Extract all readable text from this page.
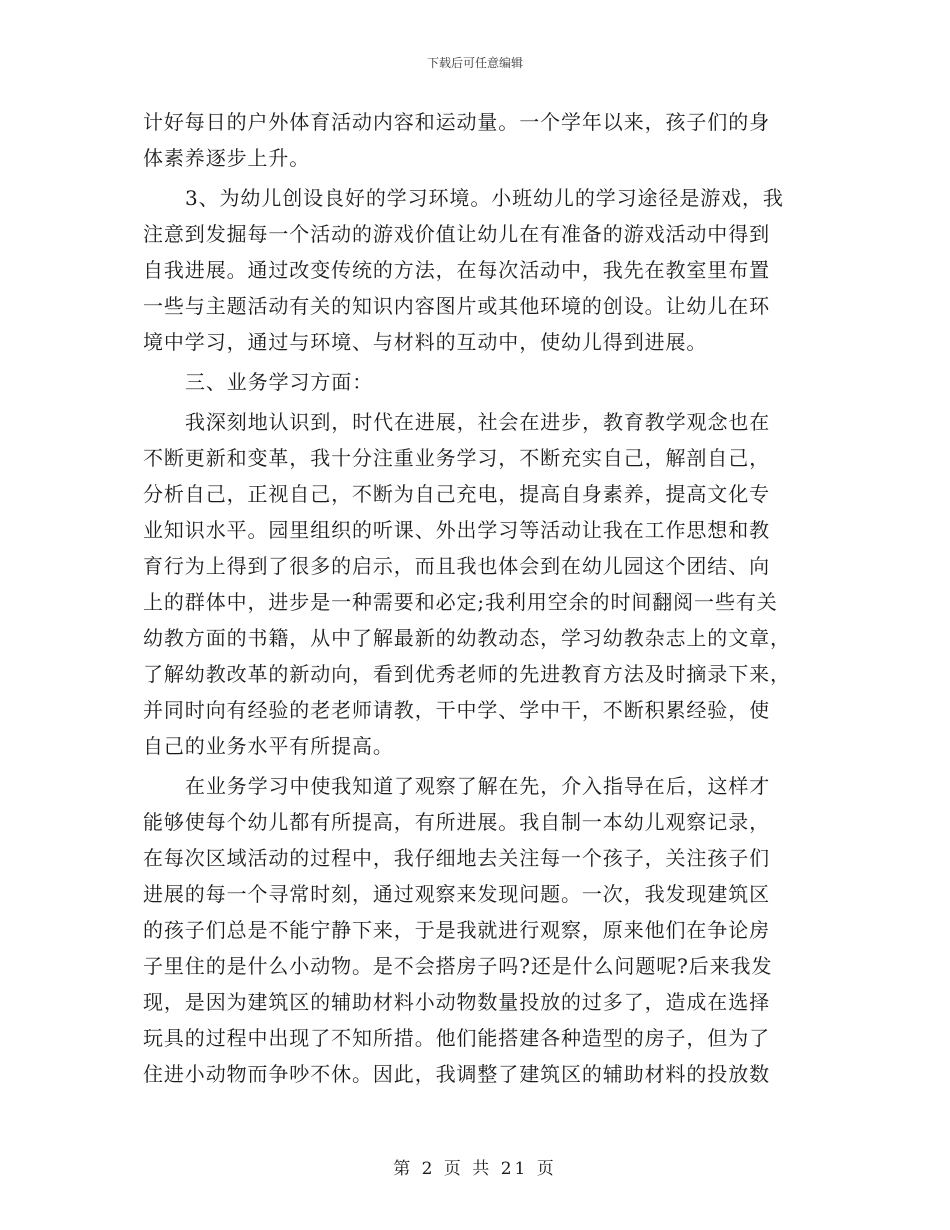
下载后可任意编辑
计好每日的户外体育活动内容和运动量。一个学年以来，孩子们的身
体素养逐步上升。
3、为幼儿创设良好的学习环境。小班幼儿的学习途径是游戏，我
注意到发掘每一个活动的游戏价值让幼儿在有准备的游戏活动中得到
自我进展。通过改变传统的方法，在每次活动中，我先在教室里布置
一些与主题活动有关的知识内容图片或其他环境的创设。让幼儿在环
境中学习，通过与环境、与材料的互动中，使幼儿得到进展。
三、业务学习方面：
我深刻地认识到，时代在进展，社会在进步，教育教学观念也在
不断更新和变革，我十分注重业务学习，不断充实自己，解剖自己，
分析自己，正视自己，不断为自己充电，提高自身素养，提高文化专
业知识水平。园里组织的听课、外出学习等活动让我在工作思想和教
育行为上得到了很多的启示，而且我也体会到在幼儿园这个团结、向
上的群体中，进步是一种需要和必定;我利用空余的时间翻阅一些有关
幼教方面的书籍，从中了解最新的幼教动态，学习幼教杂志上的文章，
了解幼教改革的新动向，看到优秀老师的先进教育方法及时摘录下来，
并同时向有经验的老老师请教，干中学、学中干，不断积累经验，使
自己的业务水平有所提高。
在业务学习中使我知道了观察了解在先，介入指导在后，这样才
能够使每个幼儿都有所提高，有所进展。我自制一本幼儿观察记录，
在每次区域活动的过程中，我仔细地去关注每一个孩子，关注孩子们
进展的每一个寻常时刻，通过观察来发现问题。一次，我发现建筑区
的孩子们总是不能宁静下来，于是我就进行观察，原来他们在争论房
子里住的是什么小动物。是不会搭房子吗?还是什么问题呢?后来我发
现，是因为建筑区的辅助材料小动物数量投放的过多了，造成在选择
玩具的过程中出现了不知所措。他们能搭建各种造型的房子，但为了
住进小动物而争吵不休。因此，我调整了建筑区的辅助材料的投放数
第 2 页 共 21 页
